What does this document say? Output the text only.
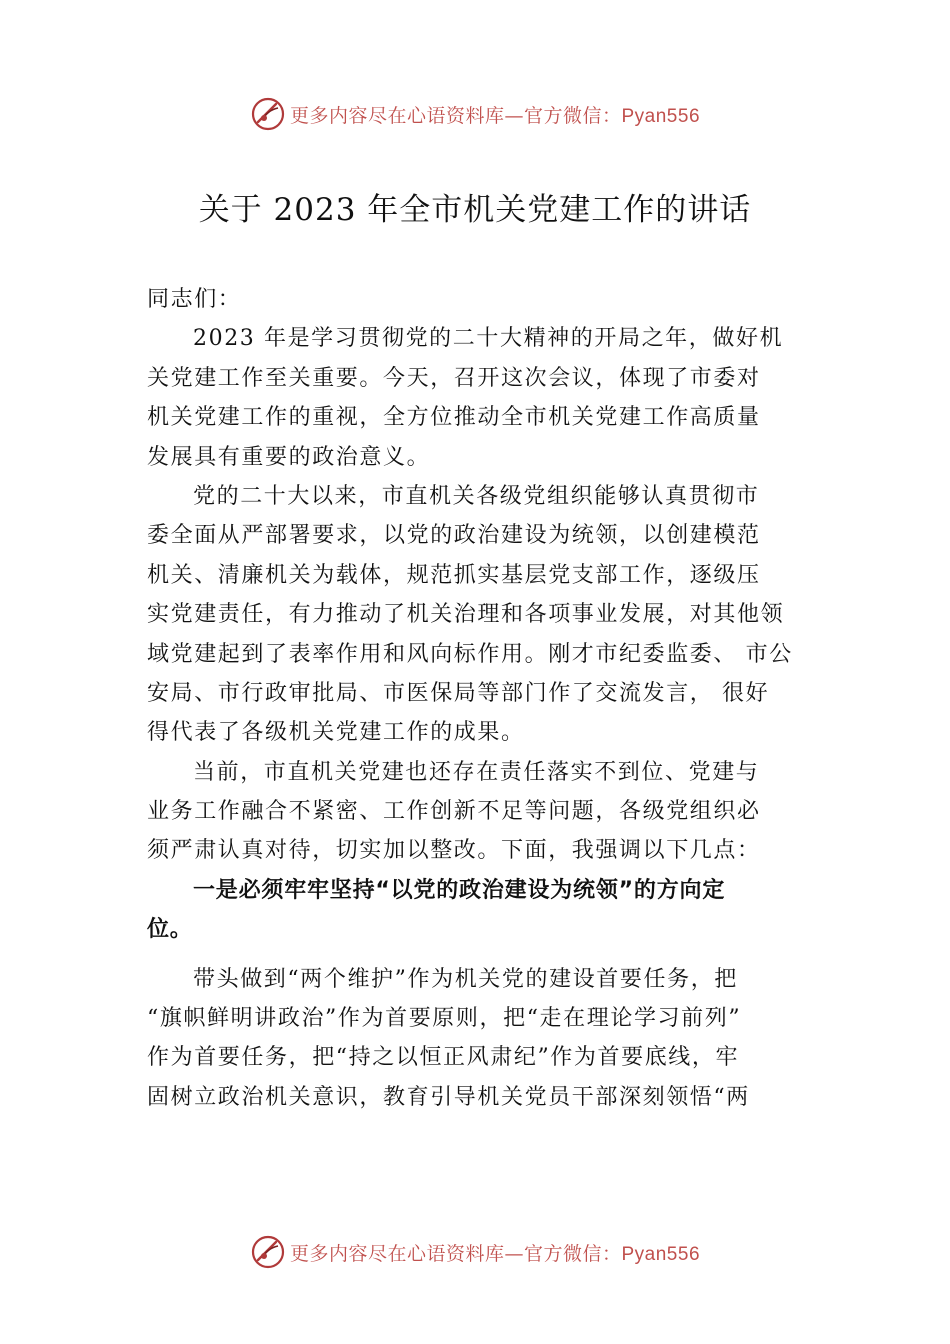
更多内容尽在心语资料库—官方微信：Pyan556
关于 2023 年全市机关党建工作的讲话
同志们：
2023 年是学习贯彻党的二十大精神的开局之年，做好机
关党建工作至关重要。今天，召开这次会议，体现了市委对
机关党建工作的重视，全方位推动全市机关党建工作高质量
发展具有重要的政治意义。
党的二十大以来，市直机关各级党组织能够认真贯彻市
委全面从严部署要求，以党的政治建设为统领，以创建模范
机关、清廉机关为载体，规范抓实基层党支部工作，逐级压
实党建责任，有力推动了机关治理和各项事业发展，对其他领
域党建起到了表率作用和风向标作用。刚才市纪委监委、 市公
安局、市行政审批局、市医保局等部门作了交流发言， 很好
得代表了各级机关党建工作的成果。
当前，市直机关党建也还存在责任落实不到位、党建与
业务工作融合不紧密、工作创新不足等问题，各级党组织必
须严肃认真对待，切实加以整改。下面，我强调以下几点：
一是必须牢牢坚持“以党的政治建设为统领”的方向定
位。
带头做到“两个维护”作为机关党的建设首要任务，把
“旗帜鲜明讲政治”作为首要原则，把“走在理论学习前列”
作为首要任务，把“持之以恒正风肃纪”作为首要底线，牢
固树立政治机关意识，教育引导机关党员干部深刻领悟“两
更多内容尽在心语资料库—官方微信：Pyan556
